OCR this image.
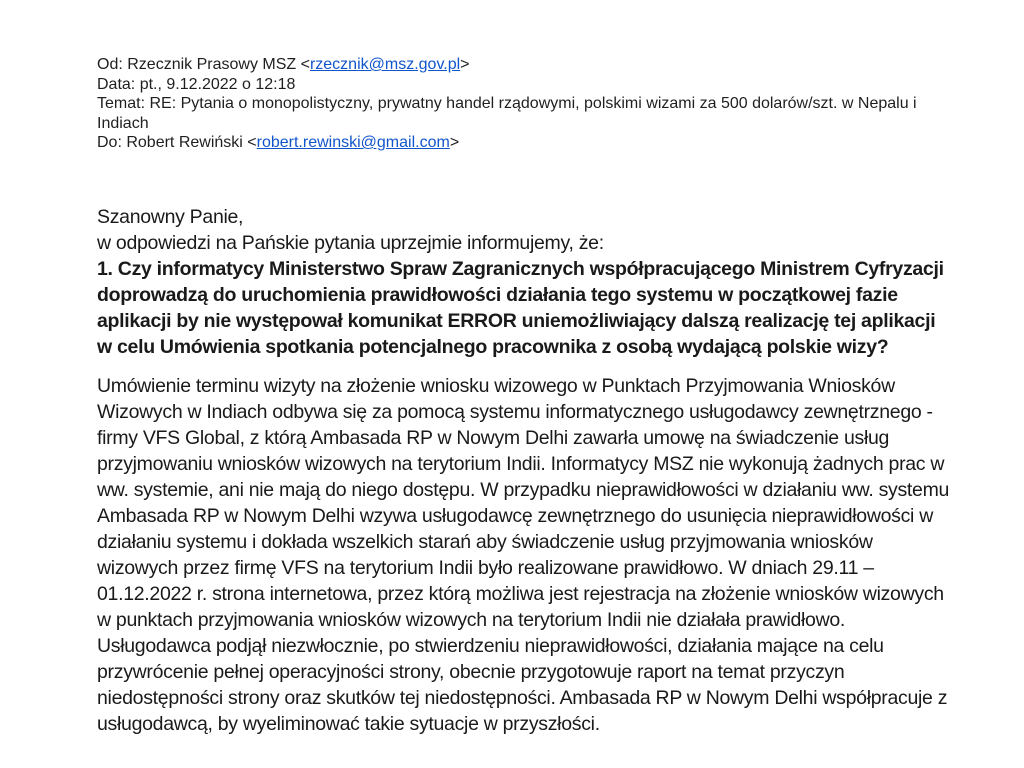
Od: Rzecznik Prasowy MSZ <rzecznik@msz.gov.pl>
Data: pt., 9.12.2022 o 12:18
Temat: RE: Pytania o monopolistyczny, prywatny handel rządowymi, polskimi wizami za 500 dolarów/szt. w Nepalu i Indiach
Do: Robert Rewiński <robert.rewinski@gmail.com>
Szanowny Panie,
w odpowiedzi na Pańskie pytania uprzejmie informujemy, że:
1. Czy informatycy Ministerstwo Spraw Zagranicznych współpracującego Ministrem Cyfryzacji doprowadzą do uruchomienia prawidłowości działania tego systemu w początkowej fazie aplikacji by nie występował komunikat ERROR uniemożliwiający dalszą realizację tej aplikacji w celu Umówienia spotkania potencjalnego pracownika z osobą wydającą polskie wizy?
Umówienie terminu wizyty na złożenie wniosku wizowego w Punktach Przyjmowania Wniosków Wizowych w Indiach odbywa się za pomocą systemu informatycznego usługodawcy zewnętrznego - firmy VFS Global, z którą Ambasada RP w Nowym Delhi zawarła umowę na świadczenie usług przyjmowaniu wniosków wizowych na terytorium Indii. Informatycy MSZ nie wykonują żadnych prac w ww. systemie, ani nie mają do niego dostępu. W przypadku nieprawidłowości w działaniu ww. systemu Ambasada RP w Nowym Delhi wzywa usługodawcę zewnętrznego do usunięcia nieprawidłowości w działaniu systemu i dokłada wszelkich starań aby świadczenie usług przyjmowania wniosków wizowych przez firmę VFS na terytorium Indii było realizowane prawidłowo. W dniach 29.11 – 01.12.2022 r. strona internetowa, przez którą możliwa jest rejestracja na złożenie wniosków wizowych w punktach przyjmowania wniosków wizowych na terytorium Indii nie działała prawidłowo. Usługodawca podjął niezwłocznie, po stwierdzeniu nieprawidłowości, działania mające na celu przywrócenie pełnej operacyjności strony, obecnie przygotowuje raport na temat przyczyn niedostępności strony oraz skutków tej niedostępności. Ambasada RP w Nowym Delhi współpracuje z usługodawcą, by wyeliminować takie sytuacje w przyszłości.
